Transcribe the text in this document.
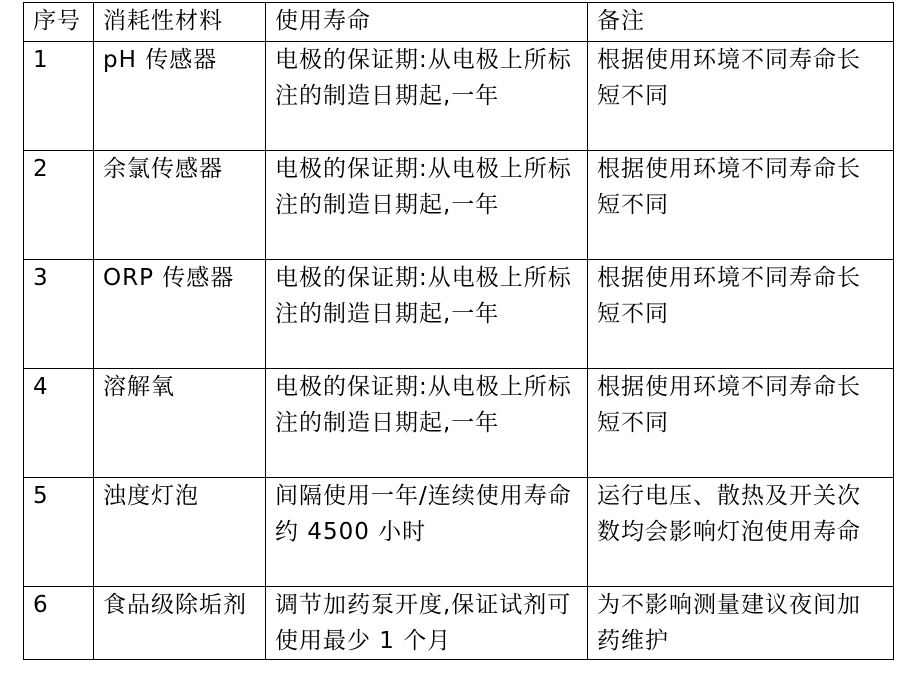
序号	消耗性材料	使用寿命	备注
1	pH 传感器	电极的保证期:从电极上所标注的制造日期起,一年	根据使用环境不同寿命长短不同
2	余氯传感器	电极的保证期:从电极上所标注的制造日期起,一年	根据使用环境不同寿命长短不同
3	ORP 传感器	电极的保证期:从电极上所标注的制造日期起,一年	根据使用环境不同寿命长短不同
4	溶解氧	电极的保证期:从电极上所标注的制造日期起,一年	根据使用环境不同寿命长短不同
5	浊度灯泡	间隔使用一年/连续使用寿命约 4500 小时	运行电压、散热及开关次数均会影响灯泡使用寿命
6	食品级除垢剂	调节加药泵开度,保证试剂可使用最少 1 个月	为不影响测量建议夜间加药维护
